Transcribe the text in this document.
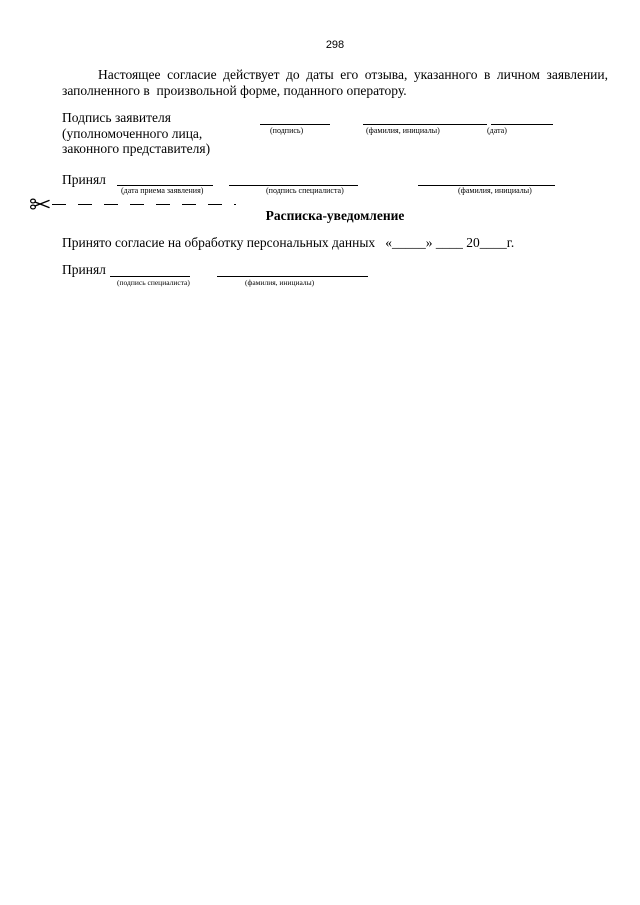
298
Настоящее согласие действует до даты его отзыва, указанного в личном заявлении, заполненного в  произвольной форме, поданного оператору.
Подпись заявителя
(уполномоченного лица,
законного представителя)
(подпись)	(фамилия, инициалы)	(дата)
Принял
(дата приема заявления)	(подпись специалиста)	(фамилия, инициалы)
Расписка-уведомление
Принято согласие на обработку персональных данных   «_____» ____ 20____г.
Принял
(подпись специалиста)	(фамилия, инициалы)
